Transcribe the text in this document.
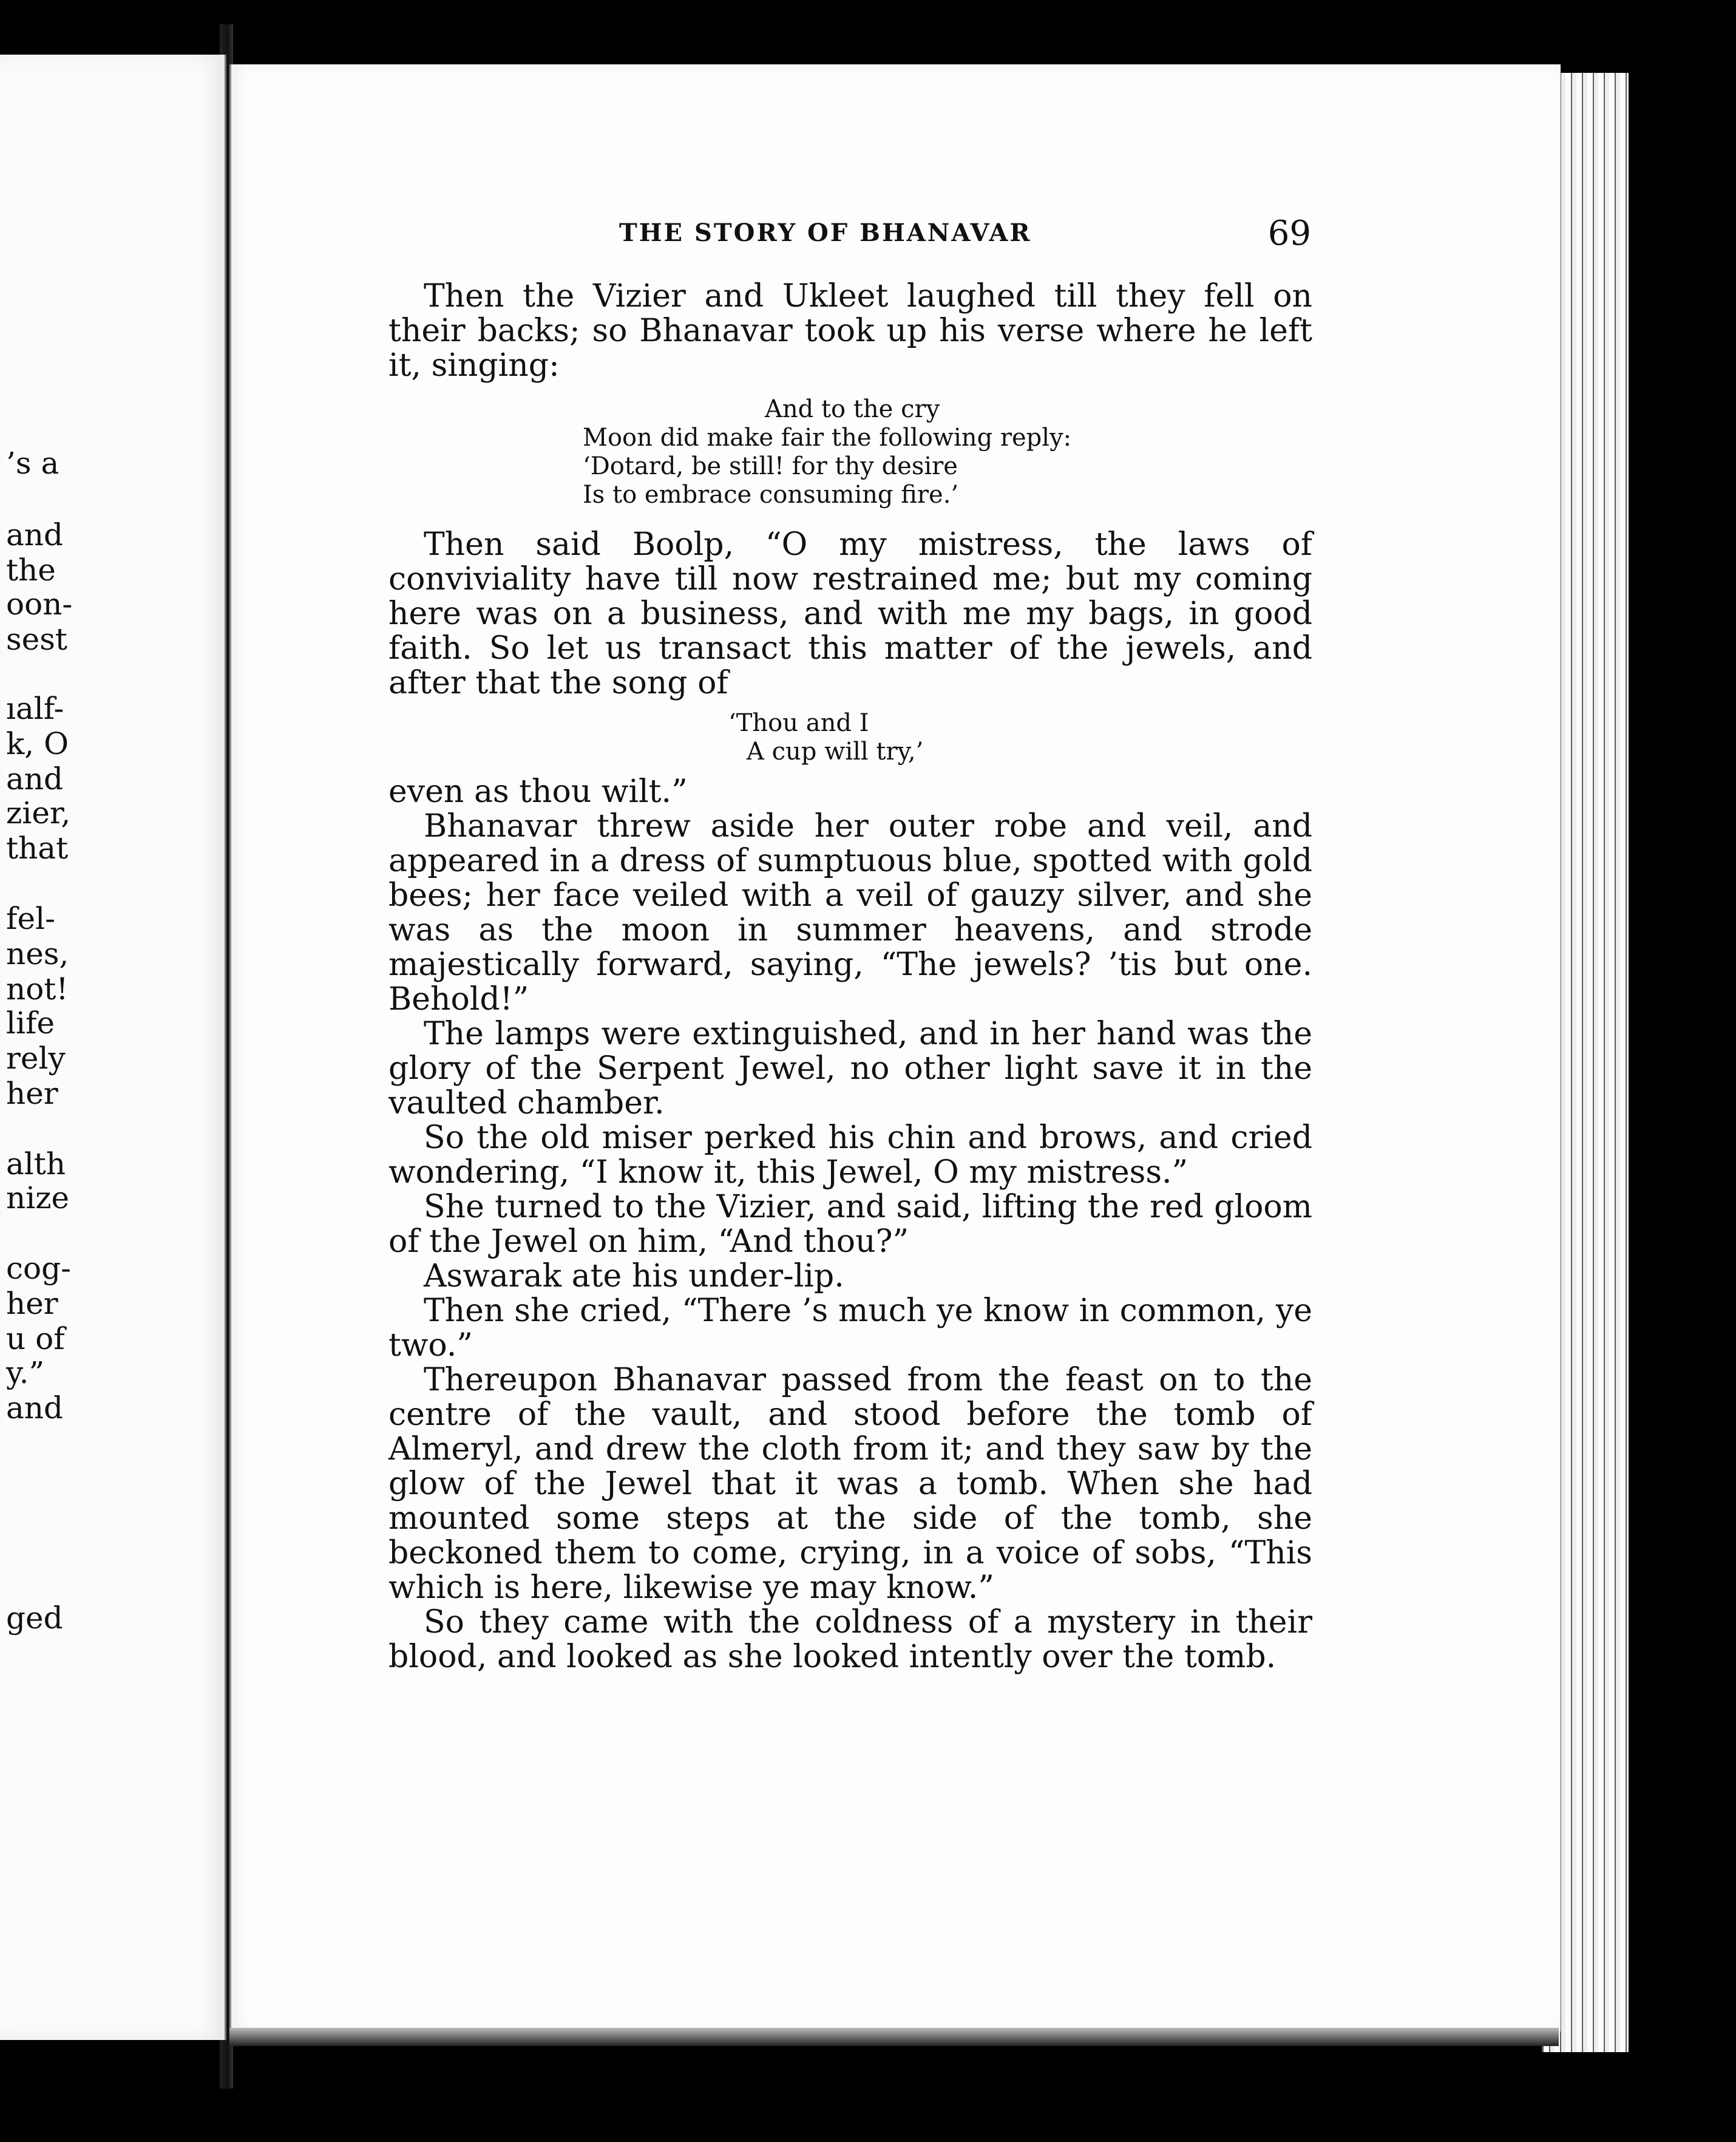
’s a
and
the
oon-
sest
ıalf-
k, O
and
zier,
that
fel-
nes,
not!
life
rely
her
alth
nize
cog-
her
u of
y.”
and
ged
THE STORY OF BHANAVAR	69

Then the Vizier and Ukleet laughed till they fell on their backs; so Bhanavar took up his verse where he left it, singing:

And to the cry
Moon did make fair the following reply:
‘Dotard, be still! for thy desire
Is to embrace consuming fire.’

Then said Boolp, “O my mistress, the laws of conviviality have till now restrained me; but my coming here was on a business, and with me my bags, in good faith. So let us transact this matter of the jewels, and after that the song of

‘Thou and I
A cup will try,’

even as thou wilt.”

Bhanavar threw aside her outer robe and veil, and appeared in a dress of sumptuous blue, spotted with gold bees; her face veiled with a veil of gauzy silver, and she was as the moon in summer heavens, and strode majestically forward, saying, “The jewels? ’tis but one. Behold!”

The lamps were extinguished, and in her hand was the glory of the Serpent Jewel, no other light save it in the vaulted chamber.

So the old miser perked his chin and brows, and cried wondering, “I know it, this Jewel, O my mistress.”

She turned to the Vizier, and said, lifting the red gloom of the Jewel on him, “And thou?”

Aswarak ate his under-lip.

Then she cried, “There ’s much ye know in common, ye two.”

Thereupon Bhanavar passed from the feast on to the centre of the vault, and stood before the tomb of Almeryl, and drew the cloth from it; and they saw by the glow of the Jewel that it was a tomb. When she had mounted some steps at the side of the tomb, she beckoned them to come, crying, in a voice of sobs, “This which is here, likewise ye may know.”

So they came with the coldness of a mystery in their blood, and looked as she looked intently over the tomb.
